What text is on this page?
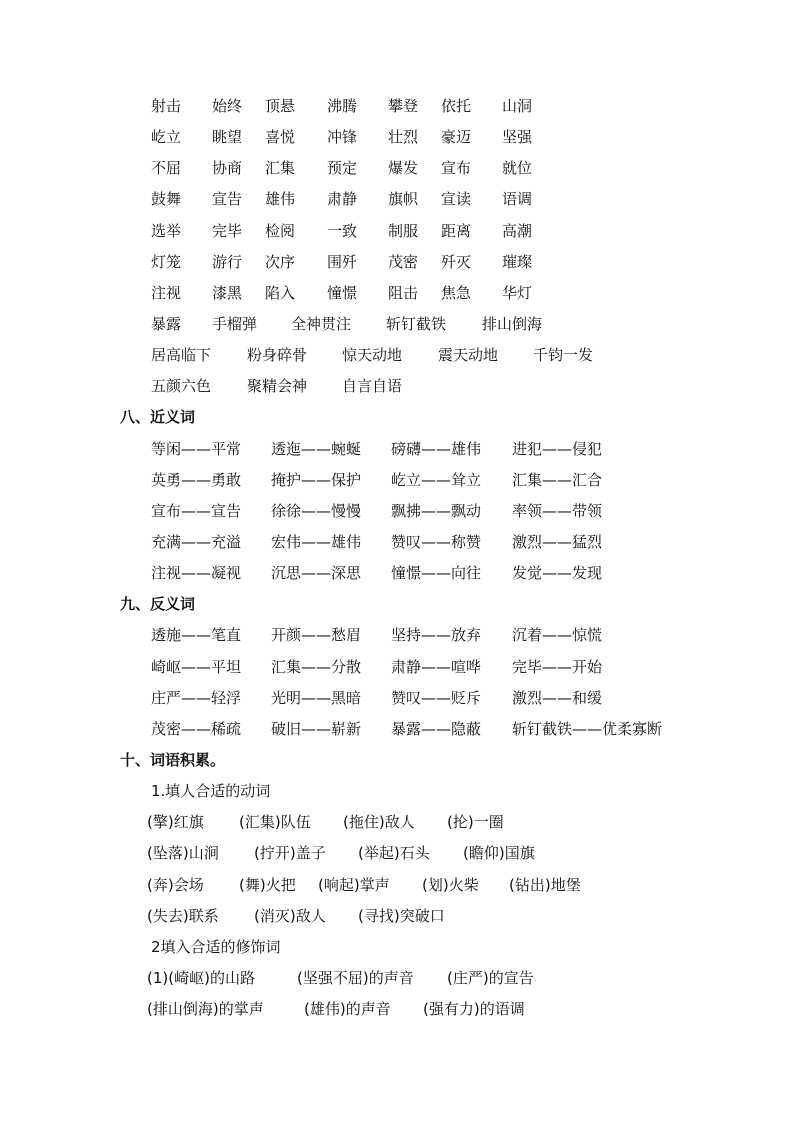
射击 始终 顶悬 沸腾 攀登 依托 山洞
屹立 眺望 喜悦 冲锋 壮烈 豪迈 坚强
不屈 协商 汇集 预定 爆发 宣布 就位
鼓舞 宣告 雄伟 肃静 旗帜 宣读 语调
选举 完毕 检阅 一致 制服 距离 高潮
灯笼 游行 次序 围歼 茂密 歼灭 璀璨
注视 漆黑 陷入 憧憬 阻击 焦急 华灯
暴露 手榴弹 全神贯注 斩钉截铁 排山倒海
居高临下 粉身碎骨 惊天动地 震天动地 千钧一发
五颜六色 聚精会神 自言自语
八、近义词
等闲——平常 透迤——蜿蜒 磅礴——雄伟 进犯——侵犯
英勇——勇敢 掩护——保护 屹立——耸立 汇集——汇合
宣布——宣告 徐徐——慢慢 飘拂——飘动 率领——带领
充满——充溢 宏伟——雄伟 赞叹——称赞 激烈——猛烈
注视——凝视 沉思——深思 憧憬——向往 发觉——发现
九、反义词
透施——笔直 开颜——愁眉 坚持——放弃 沉着——惊慌
崎岖——平坦 汇集——分散 肃静——喧哗 完毕——开始
庄严——轻浮 光明——黑暗 赞叹——贬斥 激烈——和缓
茂密——稀疏 破旧——崭新 暴露——隐蔽 斩钉截铁——优柔寡断
十、词语积累。
1.填人合适的动词
(擎)红旗 (汇集)队伍 (拖住)敌人 (抡)一圈
(坠落)山涧 (拧开)盖子 (举起)石头 (瞻仰)国旗
(奔)会场 (舞)火把 (响起)掌声 (划)火柴 (钻出)地堡
(失去)联系 (消灭)敌人 (寻找)突破口
2填入合适的修饰词
(1)(崎岖)的山路	(坚强不屈)的声音 (庄严)的宣告
(排山倒海)的掌声	(雄伟)的声音 (强有力)的语调
